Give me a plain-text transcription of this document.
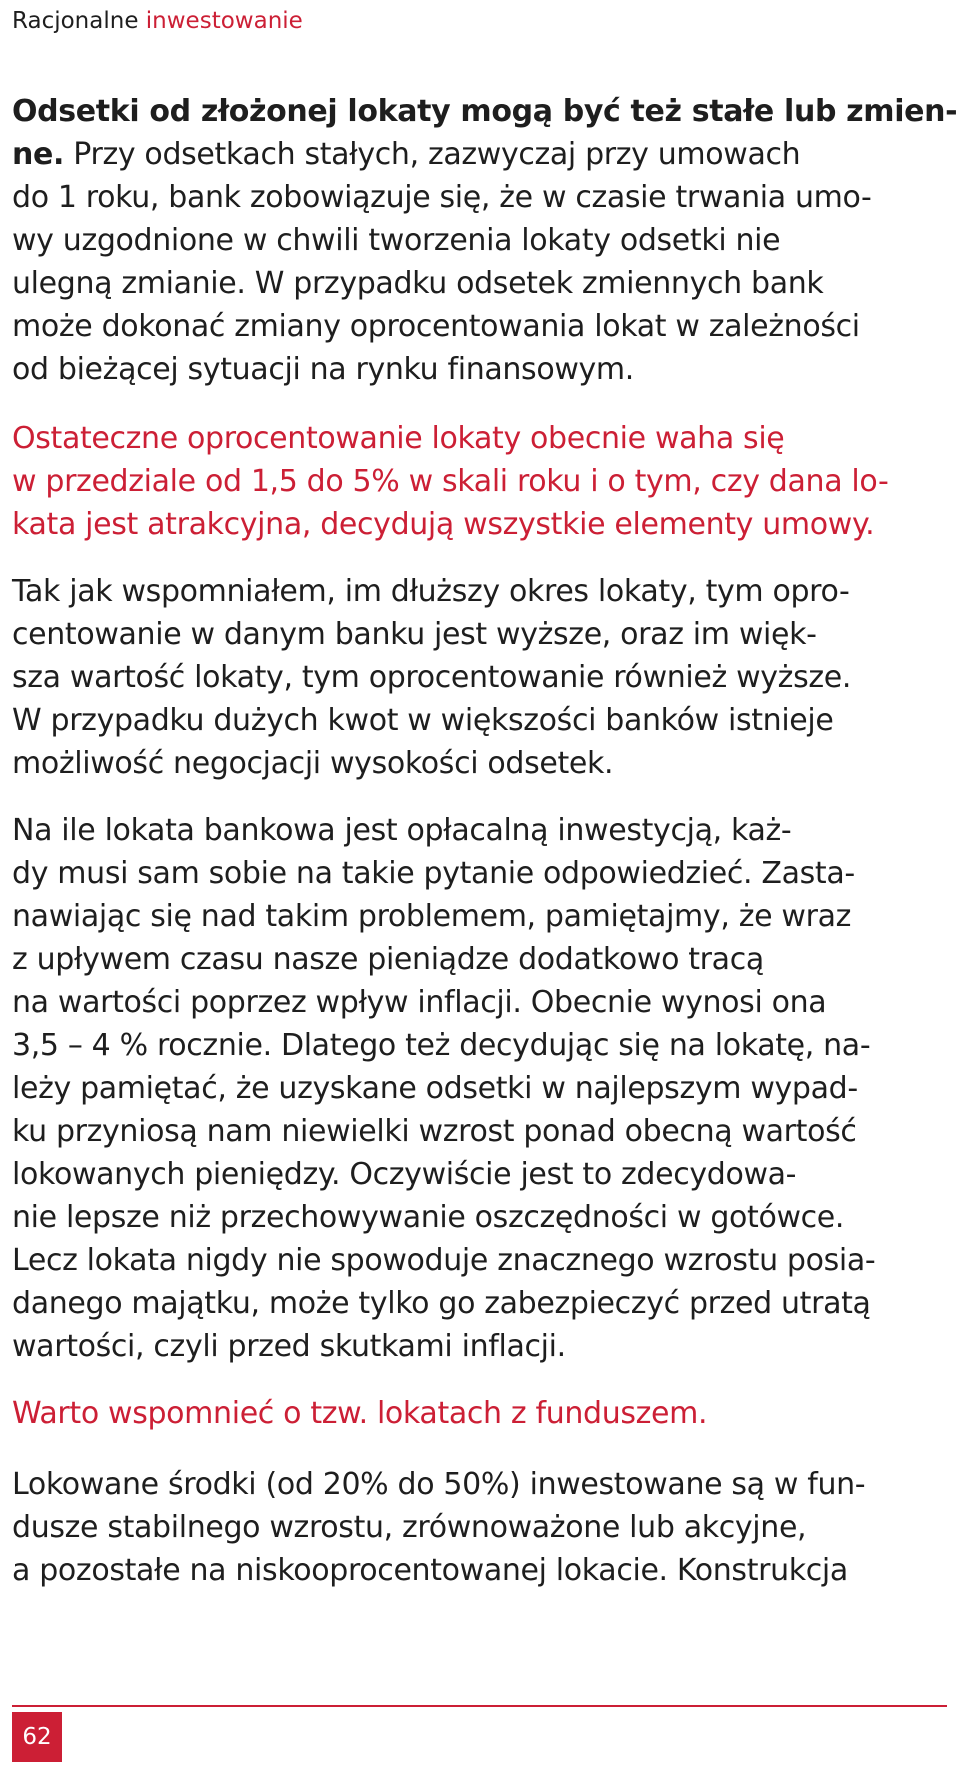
Racjonalne inwestowanie
Odsetki od złożonej lokaty mogą być też stałe lub zmien-
ne. Przy odsetkach stałych, zazwyczaj przy umowach
do 1 roku, bank zobowiązuje się, że w czasie trwania umo-
wy uzgodnione w chwili tworzenia lokaty odsetki nie
ulegną zmianie. W przypadku odsetek zmiennych bank
może dokonać zmiany oprocentowania lokat w zależności
od bieżącej sytuacji na rynku finansowym.
Ostateczne oprocentowanie lokaty obecnie waha się
w przedziale od 1,5 do 5% w skali roku i o tym, czy dana lo-
kata jest atrakcyjna, decydują wszystkie elementy umowy.
Tak jak wspomniałem, im dłuższy okres lokaty, tym opro-
centowanie w danym banku jest wyższe, oraz im więk-
sza wartość lokaty, tym oprocentowanie również wyższe.
W przypadku dużych kwot w większości banków istnieje
możliwość negocjacji wysokości odsetek.
Na ile lokata bankowa jest opłacalną inwestycją, każ-
dy musi sam sobie na takie pytanie odpowiedzieć. Zasta-
nawiając się nad takim problemem, pamiętajmy, że wraz
z upływem czasu nasze pieniądze dodatkowo tracą
na wartości poprzez wpływ inflacji. Obecnie wynosi ona
3,5 – 4 % rocznie. Dlatego też decydując się na lokatę, na-
leży pamiętać, że uzyskane odsetki w najlepszym wypad-
ku przyniosą nam niewielki wzrost ponad obecną wartość
lokowanych pieniędzy. Oczywiście jest to zdecydowa-
nie lepsze niż przechowywanie oszczędności w gotówce.
Lecz lokata nigdy nie spowoduje znacznego wzrostu posia-
danego majątku, może tylko go zabezpieczyć przed utratą
wartości, czyli przed skutkami inflacji.
Warto wspomnieć o tzw. lokatach z funduszem.
Lokowane środki (od 20% do 50%) inwestowane są w fun-
dusze stabilnego wzrostu, zrównoważone lub akcyjne,
a pozostałe na niskooprocentowanej lokacie. Konstrukcja
62
